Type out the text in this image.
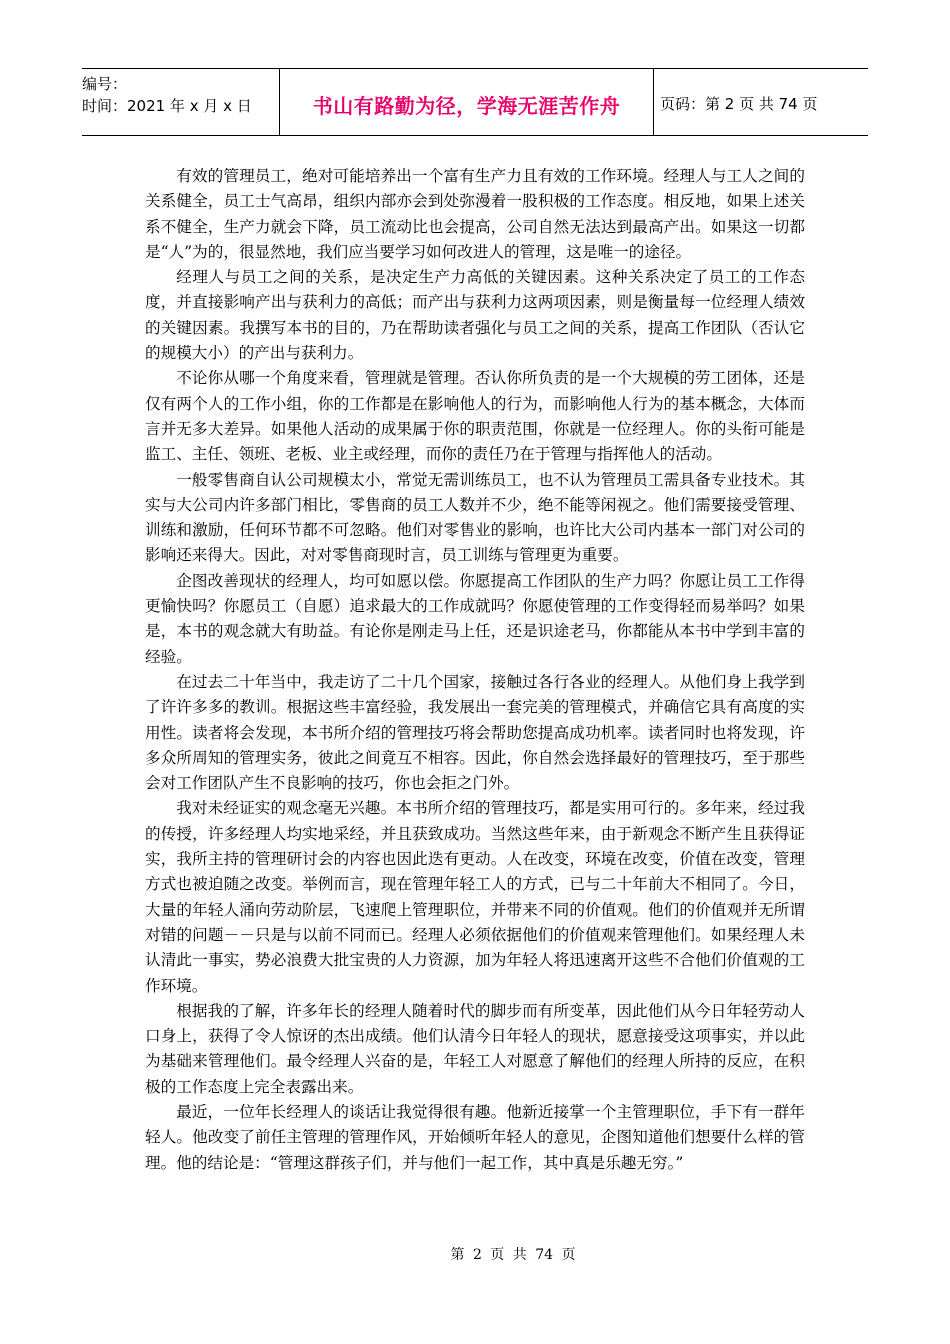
编号：
时间：2021 年 x 月 x 日	书山有路勤为径，学海无涯苦作舟	页码：第 2 页 共 74 页

有效的管理员工，绝对可能培养出一个富有生产力且有效的工作环境。经理人与工人之间的关系健全，员工士气高昂，组织内部亦会到处弥漫着一股积极的工作态度。相反地，如果上述关系不健全，生产力就会下降，员工流动比也会提高，公司自然无法达到最高产出。如果这一切都是“人”为的，很显然地，我们应当要学习如何改进人的管理，这是唯一的途径。

经理人与员工之间的关系，是决定生产力高低的关键因素。这种关系决定了员工的工作态度，并直接影响产出与获利力的高低；而产出与获利力这两项因素，则是衡量每一位经理人绩效的关键因素。我撰写本书的目的，乃在帮助读者强化与员工之间的关系，提高工作团队（否认它的规模大小）的产出与获利力。

不论你从哪一个角度来看，管理就是管理。否认你所负责的是一个大规模的劳工团体，还是仅有两个人的工作小组，你的工作都是在影响他人的行为，而影响他人行为的基本概念，大体而言并无多大差异。如果他人活动的成果属于你的职责范围，你就是一位经理人。你的头衔可能是监工、主任、领班、老板、业主或经理，而你的责任乃在于管理与指挥他人的活动。

一般零售商自认公司规模太小，常觉无需训练员工，也不认为管理员工需具备专业技术。其实与大公司内许多部门相比，零售商的员工人数并不少，绝不能等闲视之。他们需要接受管理、训练和激励，任何环节都不可忽略。他们对零售业的影响，也许比大公司内基本一部门对公司的影响还来得大。因此，对对零售商现时言，员工训练与管理更为重要。

企图改善现状的经理人，均可如愿以偿。你愿提高工作团队的生产力吗？你愿让员工工作得更愉快吗？你愿员工（自愿）追求最大的工作成就吗？你愿使管理的工作变得轻而易举吗？如果是，本书的观念就大有助益。有论你是刚走马上任，还是识途老马，你都能从本书中学到丰富的经验。

在过去二十年当中，我走访了二十几个国家，接触过各行各业的经理人。从他们身上我学到了许许多多的教训。根据这些丰富经验，我发展出一套完美的管理模式，并确信它具有高度的实用性。读者将会发现，本书所介绍的管理技巧将会帮助您提高成功机率。读者同时也将发现，许多众所周知的管理实务，彼此之间竟互不相容。因此，你自然会选择最好的管理技巧，至于那些会对工作团队产生不良影响的技巧，你也会拒之门外。

我对未经证实的观念毫无兴趣。本书所介绍的管理技巧，都是实用可行的。多年来，经过我的传授，许多经理人均实地采经，并且获致成功。当然这些年来，由于新观念不断产生且获得证实，我所主持的管理研讨会的内容也因此迭有更动。人在改变，环境在改变，价值在改变，管理方式也被迫随之改变。举例而言，现在管理年轻工人的方式，已与二十年前大不相同了。今日，大量的年轻人涌向劳动阶层，飞速爬上管理职位，并带来不同的价值观。他们的价值观并无所谓对错的问题－－只是与以前不同而已。经理人必须依据他们的价值观来管理他们。如果经理人未认清此一事实，势必浪费大批宝贵的人力资源，加为年轻人将迅速离开这些不合他们价值观的工作环境。

根据我的了解，许多年长的经理人随着时代的脚步而有所变革，因此他们从今日年轻劳动人口身上，获得了令人惊讶的杰出成绩。他们认清今日年轻人的现状，愿意接受这项事实，并以此为基础来管理他们。最令经理人兴奋的是，年轻工人对愿意了解他们的经理人所持的反应，在积极的工作态度上完全表露出来。

最近，一位年长经理人的谈话让我觉得很有趣。他新近接掌一个主管理职位，手下有一群年轻人。他改变了前任主管理的管理作风，开始倾听年轻人的意见，企图知道他们想要什么样的管理。他的结论是：“管理这群孩子们，并与他们一起工作，其中真是乐趣无穷。”

第 2 页 共 74 页
